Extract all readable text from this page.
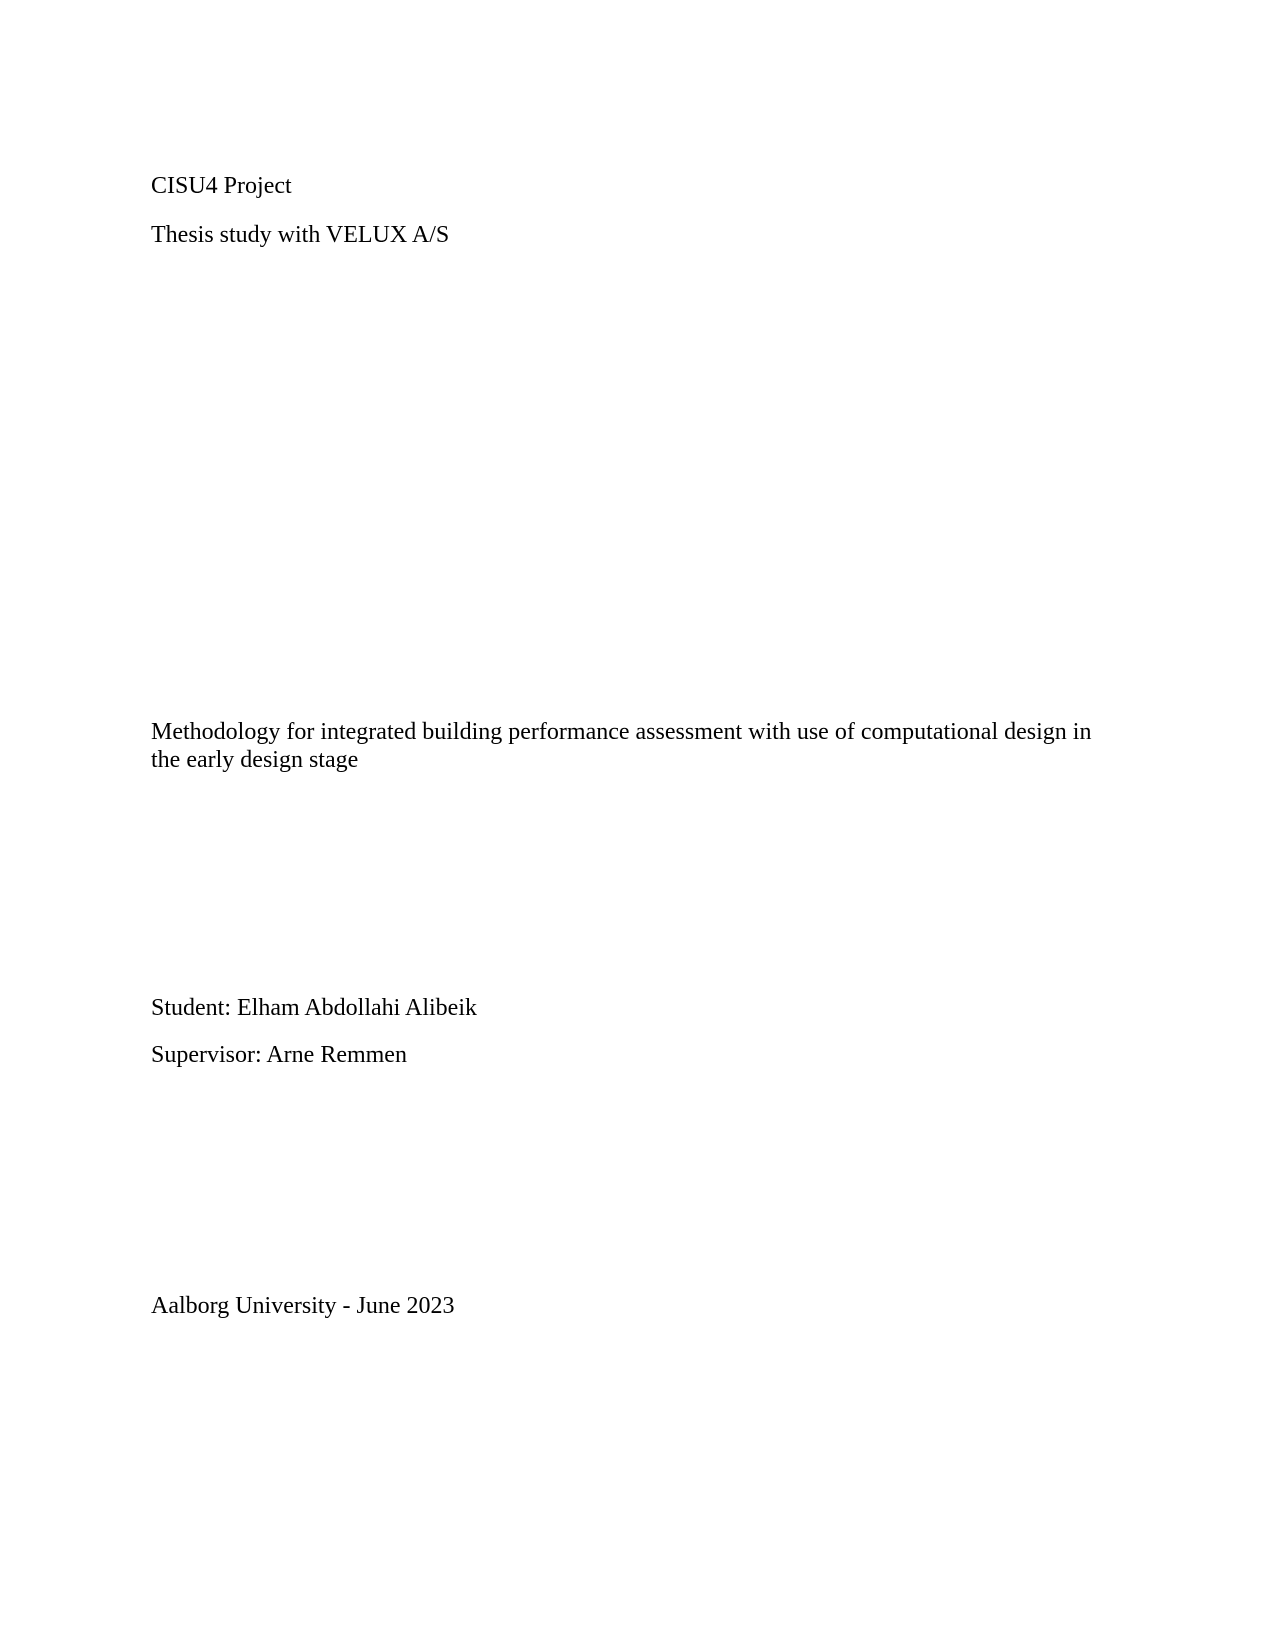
CISU4 Project

Thesis study with VELUX A/S

Methodology for integrated building performance assessment with use of computational design in
the early design stage

Student: Elham Abdollahi Alibeik

Supervisor: Arne Remmen

Aalborg University - June 2023
